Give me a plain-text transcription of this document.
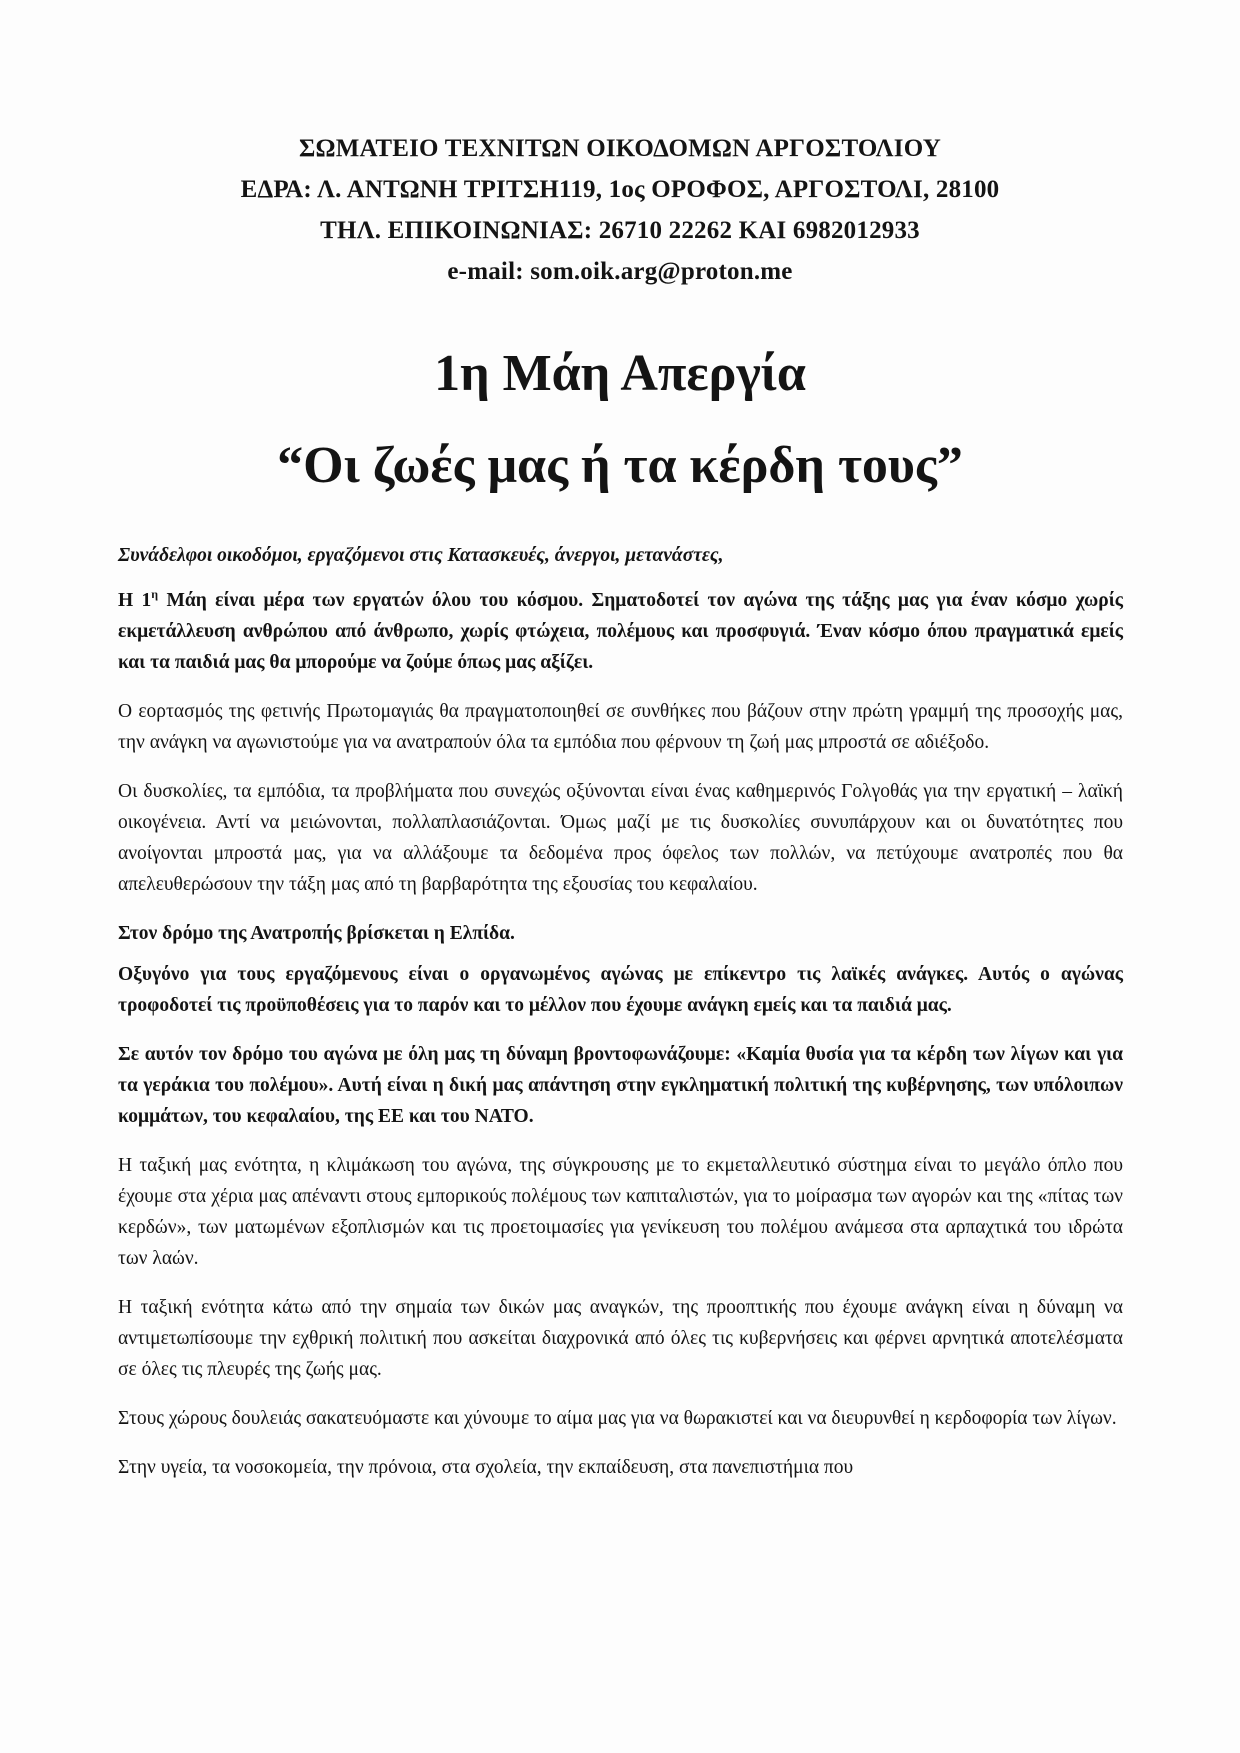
ΣΩΜΑΤΕΙΟ ΤΕΧΝΙΤΩΝ ΟΙΚΟΔΟΜΩΝ ΑΡΓΟΣΤΟΛΙΟΥ
ΕΔΡΑ: Λ. ΑΝΤΩΝΗ ΤΡΙΤΣΗ119, 1ος ΟΡΟΦΟΣ, ΑΡΓΟΣΤΟΛΙ, 28100
ΤΗΛ. ΕΠΙΚΟΙΝΩΝΙΑΣ: 26710 22262 ΚΑΙ 6982012933
e-mail: som.oik.arg@proton.me
1η Μάη Απεργία
“Οι ζωές μας ή τα κέρδη τους”

Συνάδελφοι οικοδόμοι, εργαζόμενοι στις Κατασκευές, άνεργοι, μετανάστες,

Η $1^\eta$ Μάη είναι μέρα των εργατών όλου του κόσμου. Σηματοδοτεί τον αγώνα της τάξης μας για έναν κόσμο χωρίς εκμετάλλευση ανθρώπου από άνθρωπο, χωρίς φτώχεια, πολέμους και προσφυγιά. Έναν κόσμο όπου πραγματικά εμείς και τα παιδιά μας θα μπορούμε να ζούμε όπως μας αξίζει.

Ο εορτασμός της φετινής Πρωτομαγιάς θα πραγματοποιηθεί σε συνθήκες που βάζουν στην πρώτη γραμμή της προσοχής μας, την ανάγκη να αγωνιστούμε για να ανατραπούν όλα τα εμπόδια που φέρνουν τη ζωή μας μπροστά σε αδιέξοδο.

Οι δυσκολίες, τα εμπόδια, τα προβλήματα που συνεχώς οξύνονται είναι ένας καθημερινός Γολγοθάς για την εργατική – λαϊκή οικογένεια. Αντί να μειώνονται, πολλαπλασιάζονται. Όμως μαζί με τις δυσκολίες συνυπάρχουν και οι δυνατότητες που ανοίγονται μπροστά μας, για να αλλάξουμε τα δεδομένα προς όφελος των πολλών, να πετύχουμε ανατροπές που θα απελευθερώσουν την τάξη μας από τη βαρβαρότητα της εξουσίας του κεφαλαίου.

Στον δρόμο της Ανατροπής βρίσκεται η Ελπίδα.

Οξυγόνο για τους εργαζόμενους είναι ο οργανωμένος αγώνας με επίκεντρο τις λαϊκές ανάγκες. Αυτός ο αγώνας τροφοδοτεί τις προϋποθέσεις για το παρόν και το μέλλον που έχουμε ανάγκη εμείς και τα παιδιά μας.

Σε αυτόν τον δρόμο του αγώνα με όλη μας τη δύναμη βροντοφωνάζουμε: «Καμία θυσία για τα κέρδη των λίγων και για τα γεράκια του πολέμου». Αυτή είναι η δική μας απάντηση στην εγκληματική πολιτική της κυβέρνησης, των υπόλοιπων κομμάτων, του κεφαλαίου, της ΕΕ και του ΝΑΤΟ.

Η ταξική μας ενότητα, η κλιμάκωση του αγώνα, της σύγκρουσης με το εκμεταλλευτικό σύστημα είναι το μεγάλο όπλο που έχουμε στα χέρια μας απέναντι στους εμπορικούς πολέμους των καπιταλιστών, για το μοίρασμα των αγορών και της «πίτας των κερδών», των ματωμένων εξοπλισμών και τις προετοιμασίες για γενίκευση του πολέμου ανάμεσα στα αρπαχτικά του ιδρώτα των λαών.

Η ταξική ενότητα κάτω από την σημαία των δικών μας αναγκών, της προοπτικής που έχουμε ανάγκη είναι η δύναμη να αντιμετωπίσουμε την εχθρική πολιτική που ασκείται διαχρονικά από όλες τις κυβερνήσεις και φέρνει αρνητικά αποτελέσματα σε όλες τις πλευρές της ζωής μας.

Στους χώρους δουλειάς σακατευόμαστε και χύνουμε το αίμα μας για να θωρακιστεί και να διευρυνθεί η κερδοφορία των λίγων.

Στην υγεία, τα νοσοκομεία, την πρόνοια, στα σχολεία, την εκπαίδευση, στα πανεπιστήμια που
